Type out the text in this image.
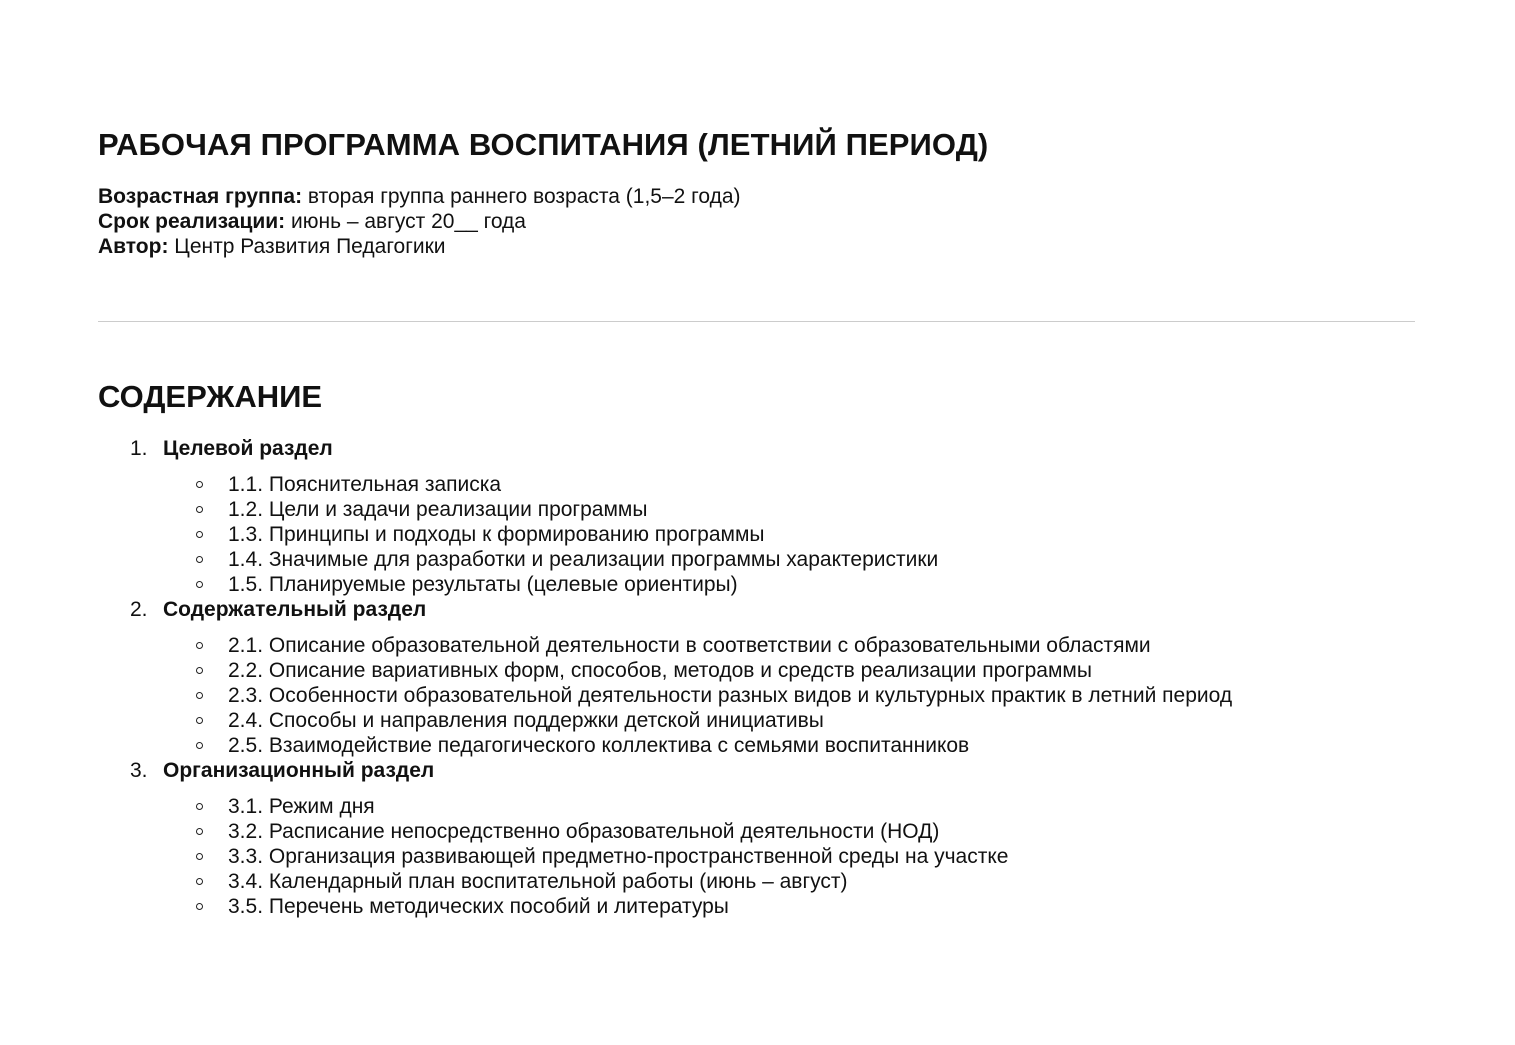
РАБОЧАЯ ПРОГРАММА ВОСПИТАНИЯ (ЛЕТНИЙ ПЕРИОД)
Возрастная группа: вторая группа раннего возраста (1,5–2 года)
Срок реализации: июнь – август 20__ года
Автор: Центр Развития Педагогики
СОДЕРЖАНИЕ
1. Целевой раздел
1.1. Пояснительная записка
1.2. Цели и задачи реализации программы
1.3. Принципы и подходы к формированию программы
1.4. Значимые для разработки и реализации программы характеристики
1.5. Планируемые результаты (целевые ориентиры)
2. Содержательный раздел
2.1. Описание образовательной деятельности в соответствии с образовательными областями
2.2. Описание вариативных форм, способов, методов и средств реализации программы
2.3. Особенности образовательной деятельности разных видов и культурных практик в летний период
2.4. Способы и направления поддержки детской инициативы
2.5. Взаимодействие педагогического коллектива с семьями воспитанников
3. Организационный раздел
3.1. Режим дня
3.2. Расписание непосредственно образовательной деятельности (НОД)
3.3. Организация развивающей предметно-пространственной среды на участке
3.4. Календарный план воспитательной работы (июнь – август)
3.5. Перечень методических пособий и литературы
